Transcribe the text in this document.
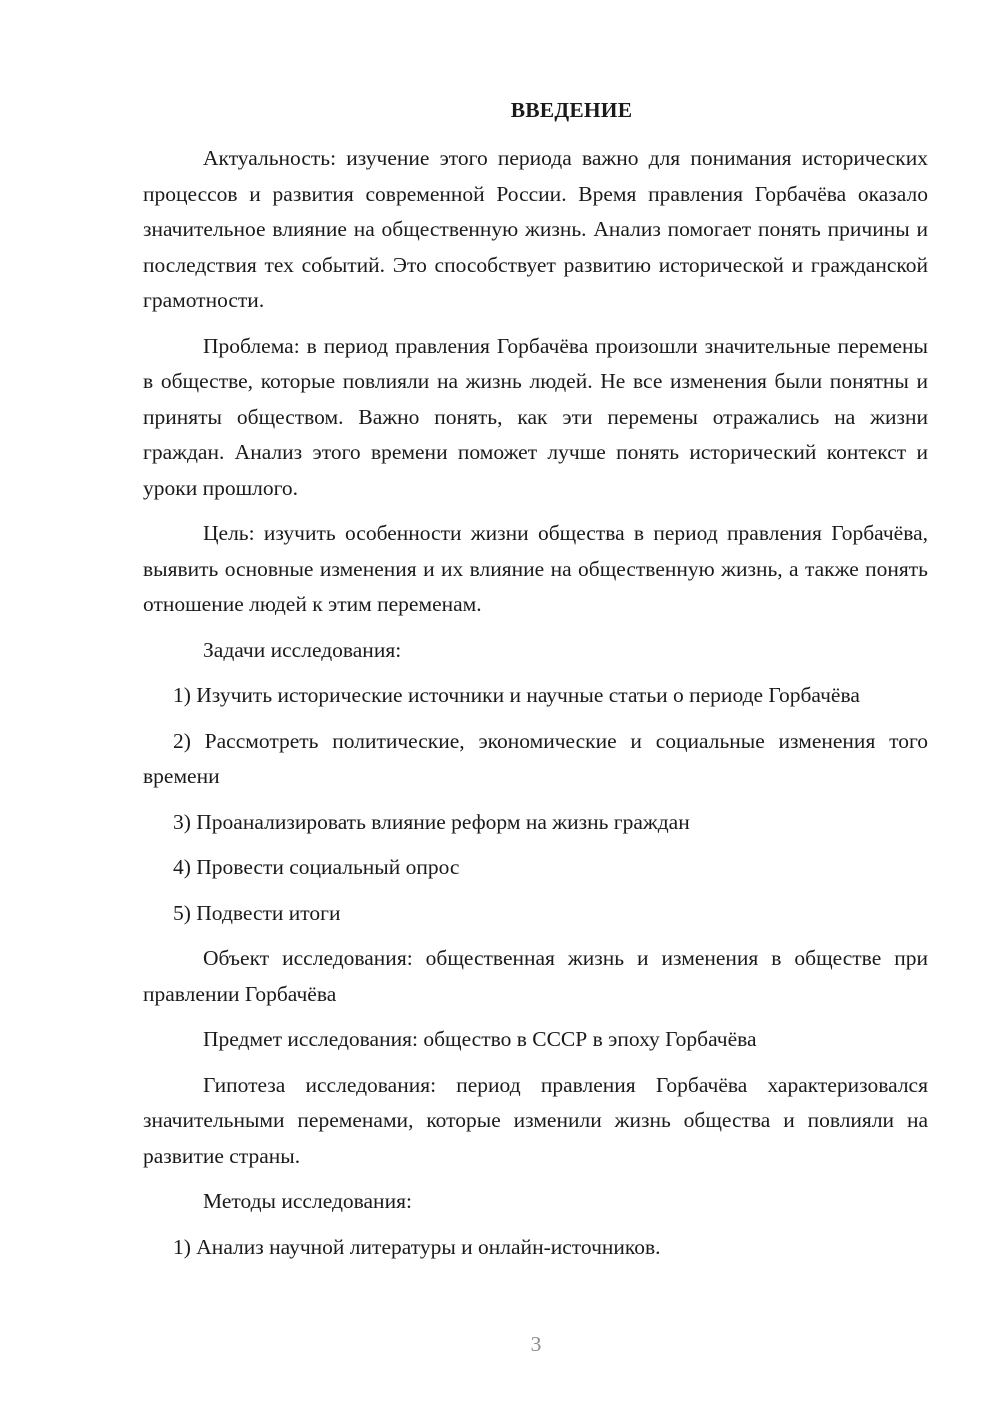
ВВЕДЕНИЕ

Актуальность: изучение этого периода важно для понимания исторических процессов и развития современной России. Время правления Горбачёва оказало значительное влияние на общественную жизнь. Анализ помогает понять причины и последствия тех событий. Это способствует развитию исторической и гражданской грамотности.

Проблема: в период правления Горбачёва произошли значительные перемены в обществе, которые повлияли на жизнь людей. Не все изменения были понятны и приняты обществом. Важно понять, как эти перемены отражались на жизни граждан. Анализ этого времени поможет лучше понять исторический контекст и уроки прошлого.

Цель: изучить особенности жизни общества в период правления Горбачёва, выявить основные изменения и их влияние на общественную жизнь, а также понять отношение людей к этим переменам.

Задачи исследования:

1) Изучить исторические источники и научные статьи о периоде Горбачёва

2) Рассмотреть политические, экономические и социальные изменения того времени

3) Проанализировать влияние реформ на жизнь граждан

4) Провести социальный опрос

5) Подвести итоги

Объект исследования: общественная жизнь и изменения в обществе при правлении Горбачёва

Предмет исследования: общество в СССР в эпоху Горбачёва

Гипотеза исследования: период правления Горбачёва характеризовался значительными переменами, которые изменили жизнь общества и повлияли на развитие страны.

Методы исследования:

1) Анализ научной литературы и онлайн-источников.

3
